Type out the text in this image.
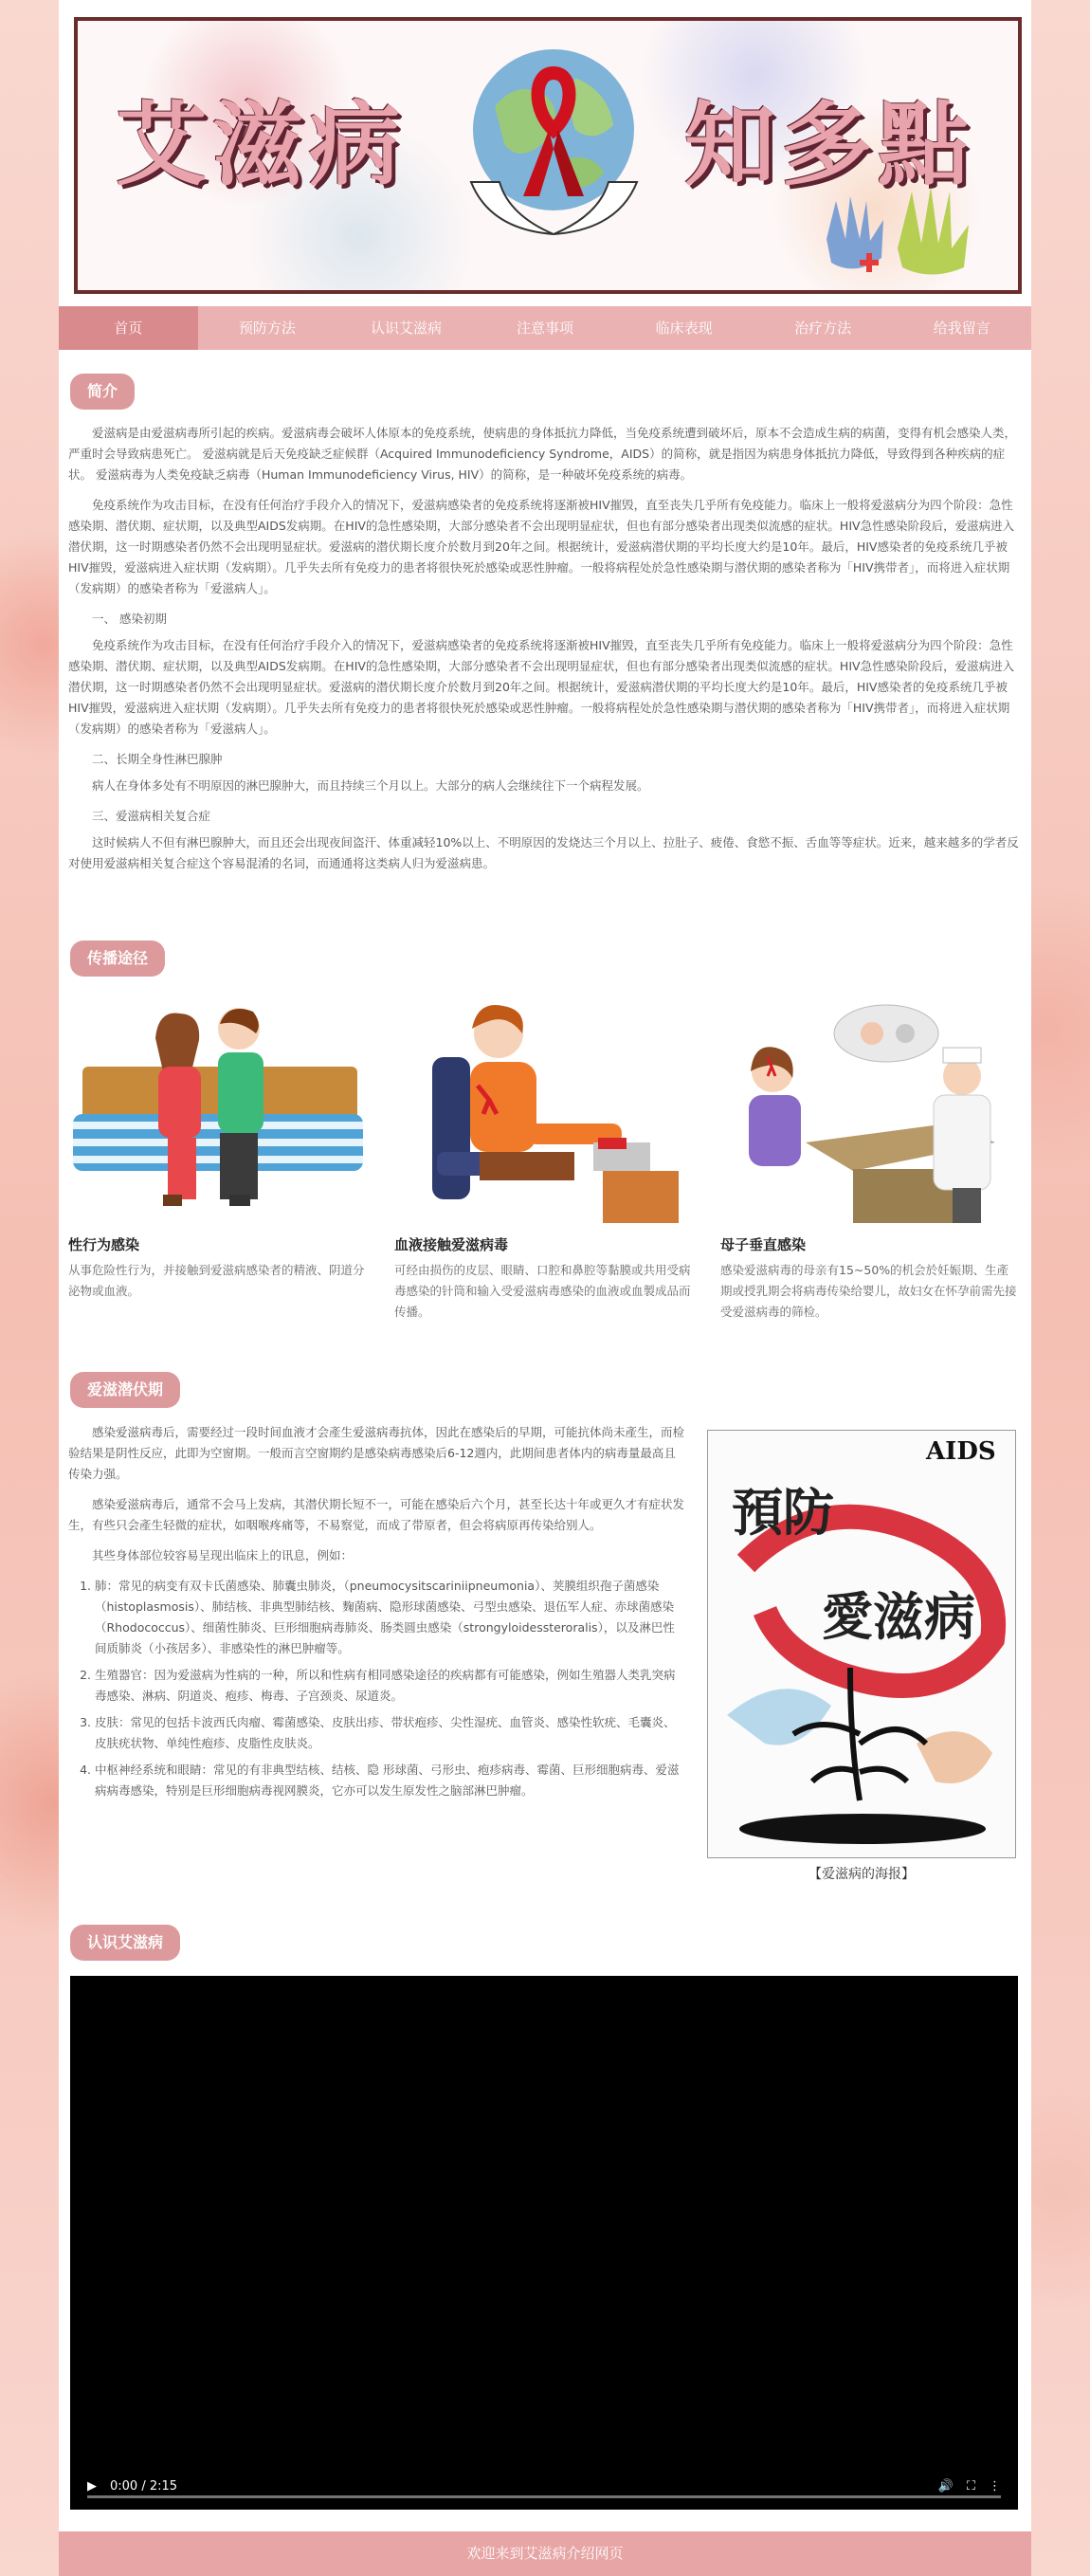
艾滋病	知多點
首页	预防方法	认识艾滋病	注意事项	临床表现	治疗方法	给我留言
简介

爱滋病是由爱滋病毒所引起的疾病。爱滋病毒会破坏人体原本的免疫系统，使病患的身体抵抗力降低，当免疫系统遭到破坏后，原本不会造成生病的病菌，变得有机会感染人类，严重时会导致病患死亡。 爱滋病就是后天免疫缺乏症候群（Acquired Immunodeficiency Syndrome，AIDS）的简称，就是指因为病患身体抵抗力降低，导致得到各种疾病的症状。 爱滋病毒为人类免疫缺乏病毒（Human Immunodeficiency Virus, HIV）的简称，是一种破坏免疫系统的病毒。

免疫系统作为攻击目标，在没有任何治疗手段介入的情况下，爱滋病感染者的免疫系统将逐渐被HIV摧毁，直至丧失几乎所有免疫能力。临床上一般将爱滋病分为四个阶段：急性感染期、潜伏期、症状期，以及典型AIDS发病期。在HIV的急性感染期，大部分感染者不会出现明显症状，但也有部分感染者出现类似流感的症状。HIV急性感染阶段后，爱滋病进入潜伏期，这一时期感染者仍然不会出现明显症状。爱滋病的潜伏期长度介於数月到20年之间。根据统计，爱滋病潜伏期的平均长度大约是10年。最后，HIV感染者的免疫系统几乎被HIV摧毁，爱滋病进入症状期（发病期）。几乎失去所有免疫力的患者将很快死於感染或恶性肿瘤。一般将病程处於急性感染期与潜伏期的感染者称为「HIV携带者」，而将进入症状期（发病期）的感染者称为「爱滋病人」。

一、 感染初期

免疫系统作为攻击目标，在没有任何治疗手段介入的情况下，爱滋病感染者的免疫系统将逐渐被HIV摧毁，直至丧失几乎所有免疫能力。临床上一般将爱滋病分为四个阶段：急性感染期、潜伏期、症状期，以及典型AIDS发病期。在HIV的急性感染期，大部分感染者不会出现明显症状，但也有部分感染者出现类似流感的症状。HIV急性感染阶段后，爱滋病进入潜伏期，这一时期感染者仍然不会出现明显症状。爱滋病的潜伏期长度介於数月到20年之间。根据统计，爱滋病潜伏期的平均长度大约是10年。最后，HIV感染者的免疫系统几乎被HIV摧毁，爱滋病进入症状期（发病期）。几乎失去所有免疫力的患者将很快死於感染或恶性肿瘤。一般将病程处於急性感染期与潜伏期的感染者称为「HIV携带者」，而将进入症状期（发病期）的感染者称为「爱滋病人」。

二、长期全身性淋巴腺肿

病人在身体多处有不明原因的淋巴腺肿大，而且持续三个月以上。大部分的病人会继续往下一个病程发展。

三、爱滋病相关复合症

这时候病人不但有淋巴腺肿大，而且还会出现夜间盗汗、体重减轻10%以上、不明原因的发烧达三个月以上、拉肚子、疲倦、食慾不振、舌血等等症状。近来，越来越多的学者反对使用爱滋病相关复合症这个容易混淆的名词，而通通将这类病人归为爱滋病患。

传播途径
性行为感染
从事危险性行为，并接触到爱滋病感染者的精液、阴道分泌物或血液。
血液接触爱滋病毒
可经由损伤的皮层、眼睛、口腔和鼻腔等黏膜或共用受病毒感染的针筒和输入受爱滋病毒感染的血液或血製成品而传播。
母子垂直感染
感染爱滋病毒的母亲有15~50%的机会於妊娠期、生產期或授乳期会将病毒传染给婴儿，故妇女在怀孕前需先接受爱滋病毒的筛检。
爱滋潜伏期

感染爱滋病毒后，需要经过一段时间血液才会產生爱滋病毒抗体，因此在感染后的早期，可能抗体尚未產生，而检验结果是阴性反应，此即为空窗期。一般而言空窗期约是感染病毒感染后6-12週内，此期间患者体内的病毒量最高且传染力强。

感染爱滋病毒后，通常不会马上发病，其潜伏期长短不一，可能在感染后六个月，甚至长达十年或更久才有症状发生，有些只会產生轻微的症状，如咽喉疼痛等，不易察觉，而成了带原者，但会将病原再传染给别人。

其些身体部位较容易呈现出临床上的讯息，例如：

1. 肺：常见的病变有双卡氏菌感染、肺囊虫肺炎，（pneumocysitscariniipneumonia）、荚膜组织孢子菌感染（histoplasmosis）、肺结核、非典型肺结核、麴菌病、隐形球菌感染、弓型虫感染、退伍军人症、赤球菌感染（Rhodococcus）、细菌性肺炎、巨形细胞病毒肺炎、肠类圆虫感染（strongyloidessteroralis），以及淋巴性间质肺炎（小孩居多）、非感染性的淋巴肿瘤等。
2. 生殖器官：因为爱滋病为性病的一种，所以和性病有相同感染途径的疾病都有可能感染，例如生殖器人类乳突病毒感染、淋病、阴道炎、疱疹、梅毒、子宫颈炎、尿道炎。
3. 皮肤：常见的包括卡波西氏肉瘤、霉菌感染、皮肤出疹、带状疱疹、尖性湿疣、血管炎、感染性软疣、毛囊炎、皮肤疣状物、单纯性疱疹、皮脂性皮肤炎。
4. 中枢神经系统和眼睛：常见的有非典型结核、结核、隐 形球菌、弓形虫、疱疹病毒、霉菌、巨形细胞病毒、爱滋病病毒感染，特别是巨形细胞病毒视网膜炎，它亦可以发生原发性之脑部淋巴肿瘤。
AIDS
預防
愛滋病
【爱滋病的海报】
认识艾滋病
▶ 0:00 / 2:15	🔊 ⛶ ⋮
欢迎来到艾滋病介绍网页
